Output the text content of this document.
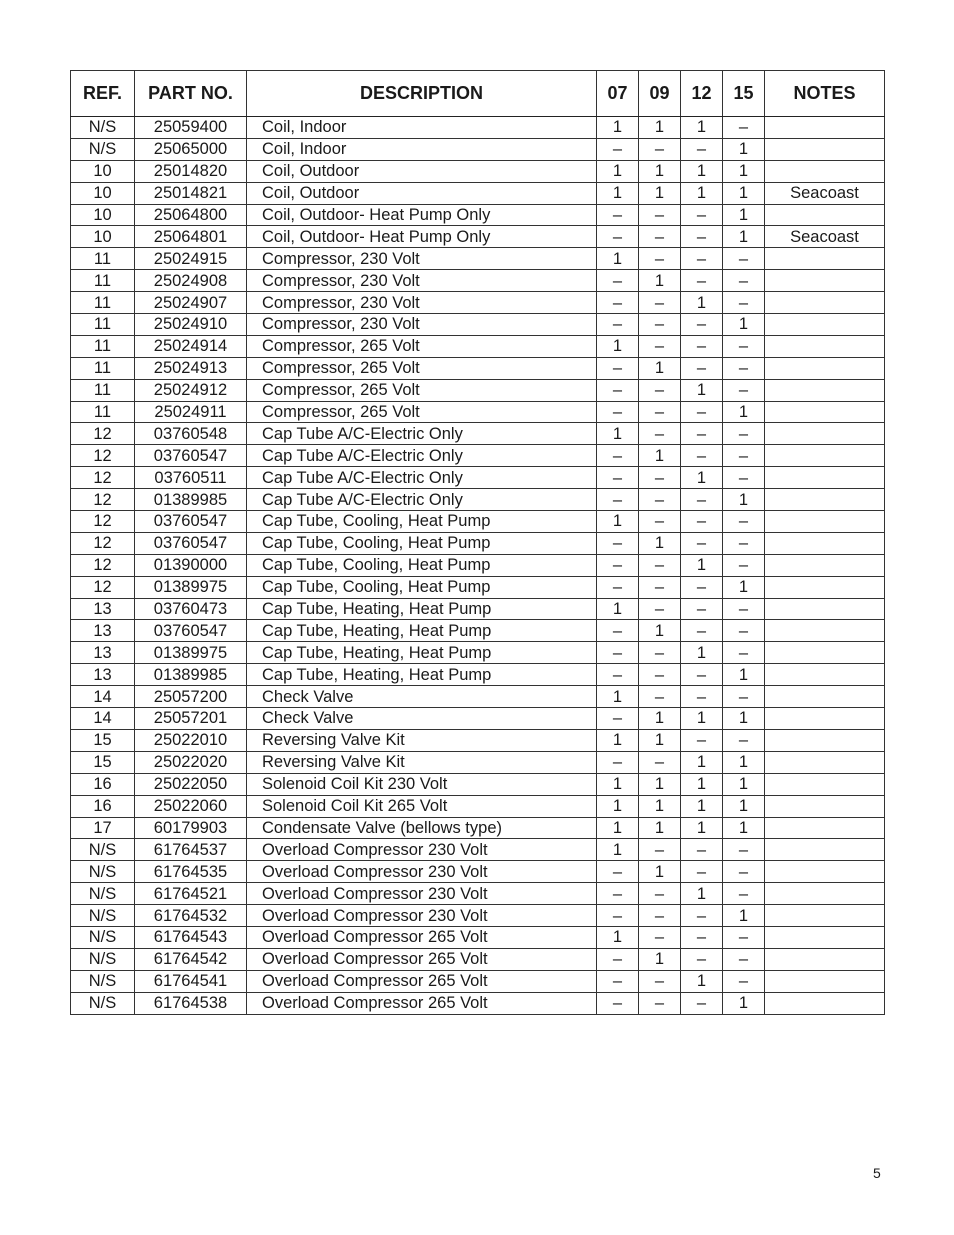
REF.	PART NO.	DESCRIPTION	07	09	12	15	NOTES
N/S	25059400	Coil, Indoor	1	1	1	–	
N/S	25065000	Coil, Indoor	–	–	–	1	
10	25014820	Coil, Outdoor	1	1	1	1	
10	25014821	Coil, Outdoor	1	1	1	1	Seacoast
10	25064800	Coil, Outdoor- Heat Pump Only	–	–	–	1	
10	25064801	Coil, Outdoor- Heat Pump Only	–	–	–	1	Seacoast
11	25024915	Compressor, 230 Volt	1	–	–	–	
11	25024908	Compressor, 230 Volt	–	1	–	–	
11	25024907	Compressor, 230 Volt	–	–	1	–	
11	25024910	Compressor, 230 Volt	–	–	–	1	
11	25024914	Compressor, 265 Volt	1	–	–	–	
11	25024913	Compressor, 265 Volt	–	1	–	–	
11	25024912	Compressor, 265 Volt	–	–	1	–	
11	25024911	Compressor, 265 Volt	–	–	–	1	
12	03760548	Cap Tube A/C-Electric Only	1	–	–	–	
12	03760547	Cap Tube A/C-Electric Only	–	1	–	–	
12	03760511	Cap Tube A/C-Electric Only	–	–	1	–	
12	01389985	Cap Tube A/C-Electric Only	–	–	–	1	
12	03760547	Cap Tube, Cooling, Heat Pump	1	–	–	–	
12	03760547	Cap Tube, Cooling, Heat Pump	–	1	–	–	
12	01390000	Cap Tube, Cooling, Heat Pump	–	–	1	–	
12	01389975	Cap Tube, Cooling, Heat Pump	–	–	–	1	
13	03760473	Cap Tube, Heating, Heat Pump	1	–	–	–	
13	03760547	Cap Tube, Heating, Heat Pump	–	1	–	–	
13	01389975	Cap Tube, Heating, Heat Pump	–	–	1	–	
13	01389985	Cap Tube, Heating, Heat Pump	–	–	–	1	
14	25057200	Check Valve	1	–	–	–	
14	25057201	Check Valve	–	1	1	1	
15	25022010	Reversing Valve Kit	1	1	–	–	
15	25022020	Reversing Valve Kit	–	–	1	1	
16	25022050	Solenoid Coil Kit 230 Volt	1	1	1	1	
16	25022060	Solenoid Coil Kit 265 Volt	1	1	1	1	
17	60179903	Condensate Valve (bellows type)	1	1	1	1	
N/S	61764537	Overload Compressor 230 Volt	1	–	–	–	
N/S	61764535	Overload Compressor 230 Volt	–	1	–	–	
N/S	61764521	Overload Compressor 230 Volt	–	–	1	–	
N/S	61764532	Overload Compressor 230 Volt	–	–	–	1	
N/S	61764543	Overload Compressor 265 Volt	1	–	–	–	
N/S	61764542	Overload Compressor 265 Volt	–	1	–	–	
N/S	61764541	Overload Compressor 265 Volt	–	–	1	–	
N/S	61764538	Overload Compressor 265 Volt	–	–	–	1	
5
